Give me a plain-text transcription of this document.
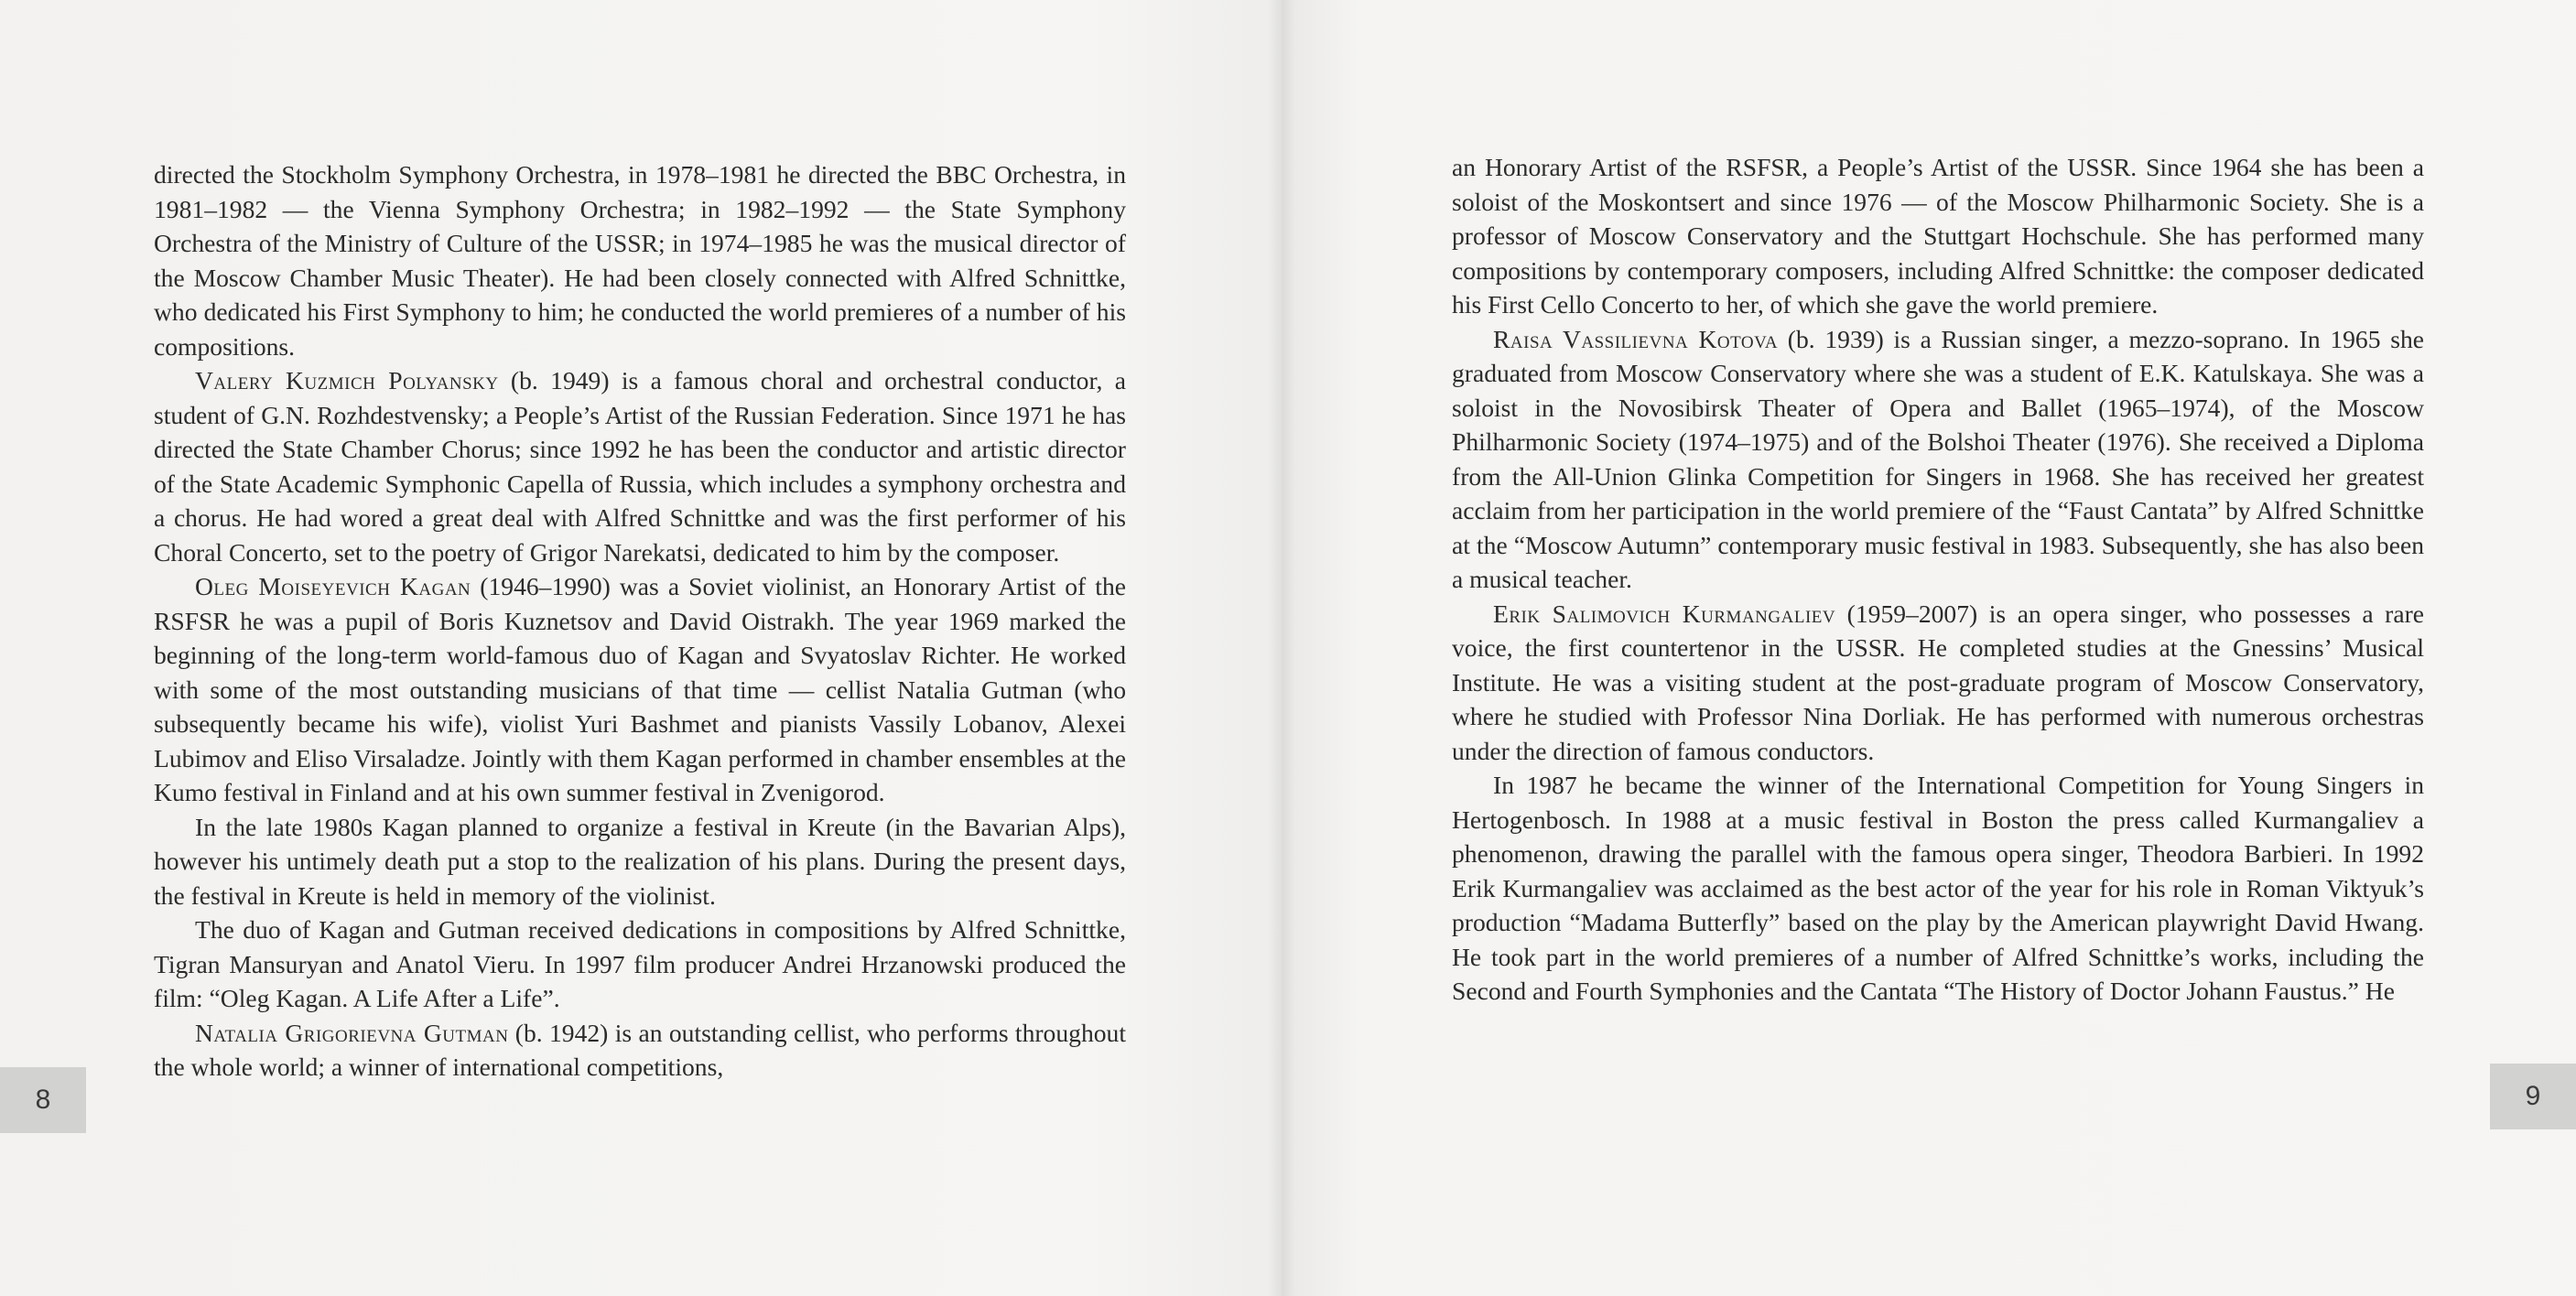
directed the Stockholm Symphony Orchestra, in 1978–1981 he directed the BBC Orchestra, in 1981–1982 — the Vienna Symphony Orchestra; in 1982–1992 — the State Symphony Orchestra of the Ministry of Culture of the USSR; in 1974–1985 he was the musical director of the Moscow Chamber Music Theater). He had been closely connected with Alfred Schnittke, who dedicated his First Symphony to him; he conducted the world premieres of a number of his compositions.

Valery Kuzmich Polyansky (b. 1949) is a famous choral and orchestral conductor, a student of G.N. Rozhdestvensky; a People’s Artist of the Russian Federation. Since 1971 he has directed the State Chamber Chorus; since 1992 he has been the conductor and artistic director of the State Academic Symphonic Capella of Russia, which includes a symphony orchestra and a chorus. He had wored a great deal with Alfred Schnittke and was the first performer of his Choral Concerto, set to the poetry of Grigor Narekatsi, dedicated to him by the composer.

Oleg Moiseyevich Kagan (1946–1990) was a Soviet violinist, an Honorary Artist of the RSFSR he was a pupil of Boris Kuznetsov and David Oistrakh. The year 1969 marked the beginning of the long-term world-famous duo of Kagan and Svyatoslav Richter. He worked with some of the most outstanding musicians of that time — cellist Natalia Gutman (who subsequently became his wife), violist Yuri Bashmet and pianists Vassily Lobanov, Alexei Lubimov and Eliso Virsaladze. Jointly with them Kagan performed in chamber ensembles at the Kumo festival in Finland and at his own summer festival in Zvenigorod.

In the late 1980s Kagan planned to organize a festival in Kreute (in the Bavarian Alps), however his untimely death put a stop to the realization of his plans. During the present days, the festival in Kreute is held in memory of the violinist.

The duo of Kagan and Gutman received dedications in compositions by Alfred Schnittke, Tigran Mansuryan and Anatol Vieru. In 1997 film producer Andrei Hrzanowski produced the film: “Oleg Kagan. A Life After a Life”.

Natalia Grigorievna Gutman (b. 1942) is an outstanding cellist, who performs throughout the whole world; a winner of international competitions,

an Honorary Artist of the RSFSR, a People’s Artist of the USSR. Since 1964 she has been a soloist of the Moskontsert and since 1976 — of the Moscow Philharmonic Society. She is a professor of Moscow Conservatory and the Stuttgart Hochschule. She has performed many compositions by contemporary composers, including Alfred Schnittke: the composer dedicated his First Cello Concerto to her, of which she gave the world premiere.

Raisa Vassilievna Kotova (b. 1939) is a Russian singer, a mezzo-soprano. In 1965 she graduated from Moscow Conservatory where she was a student of E.K. Katulskaya. She was a soloist in the Novosibirsk Theater of Opera and Ballet (1965–1974), of the Moscow Philharmonic Society (1974–1975) and of the Bolshoi Theater (1976). She received a Diploma from the All-Union Glinka Competition for Singers in 1968. She has received her greatest acclaim from her participation in the world premiere of the “Faust Cantata” by Alfred Schnittke at the “Moscow Autumn” contemporary music festival in 1983. Subsequently, she has also been a musical teacher.

Erik Salimovich Kurmangaliev (1959–2007) is an opera singer, who possesses a rare voice, the first countertenor in the USSR. He completed studies at the Gnessins’ Musical Institute. He was a visiting student at the post-graduate program of Moscow Conservatory, where he studied with Professor Nina Dorliak. He has performed with numerous orchestras under the direction of famous conductors.

In 1987 he became the winner of the International Competition for Young Singers in Hertogenbosch. In 1988 at a music festival in Boston the press called Kurmangaliev a phenomenon, drawing the parallel with the famous opera singer, Theodora Barbieri. In 1992 Erik Kurmangaliev was acclaimed as the best actor of the year for his role in Roman Viktyuk’s production “Madama Butterfly” based on the play by the American playwright David Hwang. He took part in the world premieres of a number of Alfred Schnittke’s works, including the Second and Fourth Symphonies and the Cantata “The History of Doctor Johann Faustus.” He

8	9
